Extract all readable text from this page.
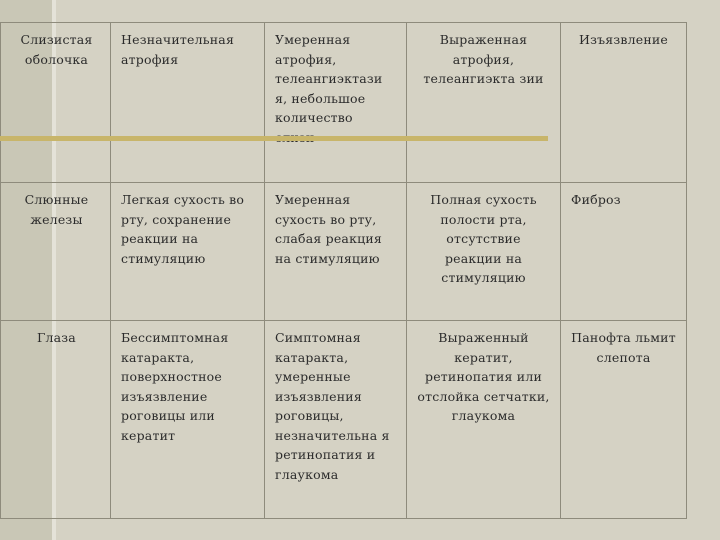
Слизистая оболочка	Незначительная атрофия	Умеренная атрофия, телеангиэктази я, небольшое количество	Выраженная атрофия, телеангиэкта зии	Изъязвление
Слюнные железы	Легкая сухость во рту, сохранение реакции на стимуляцию	Умеренная сухость во рту, слабая реакция на стимуляцию	Полная сухость полости рта, отсутствие реакции на стимуляцию	Фиброз
Глаза	Бессимптомная катаракта, поверхностное изъязвление роговицы или кератит	Симптомная катаракта, умеренные изъязвления роговицы, незначительна я ретинопатия и глаукома	Выраженный кератит, ретинопатия или отслойка сетчатки, глаукома	Панофта льмит слепота
